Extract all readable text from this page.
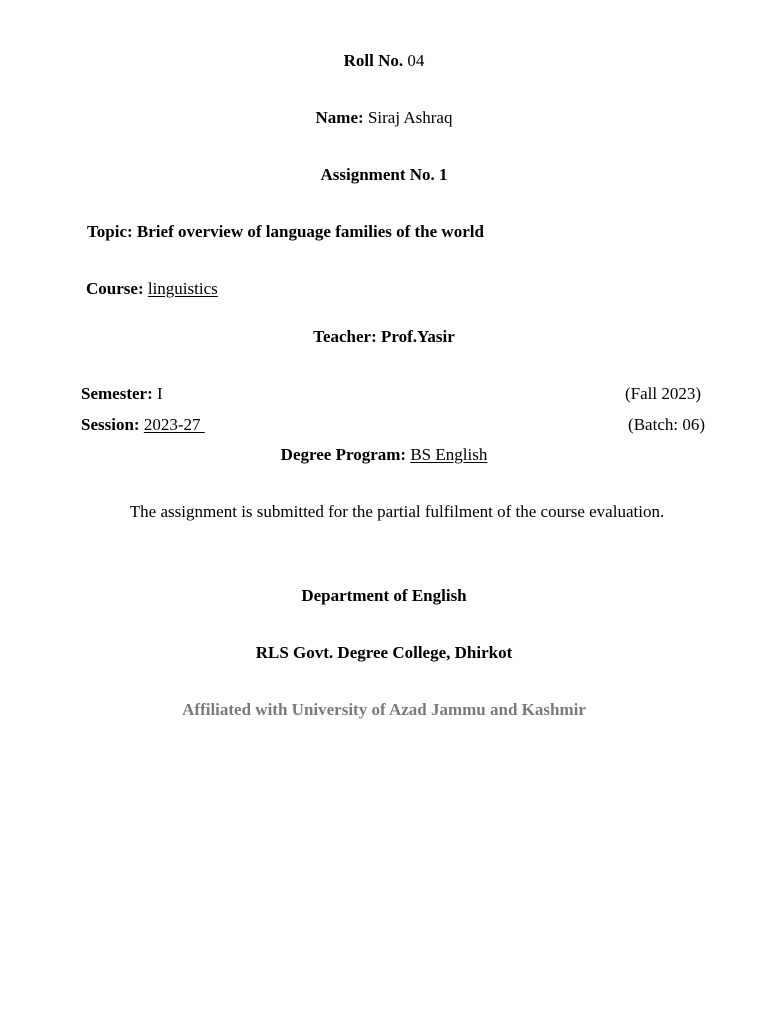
Roll No. 04
Name: Siraj Ashraq
Assignment No. 1
Topic: Brief overview of language families of the world
Course: linguistics
Teacher: Prof.Yasir
Semester: I	(Fall 2023)
Session: 2023-27	(Batch: 06)
Degree Program: BS English
The assignment is submitted for the partial fulfilment of the course evaluation.
Department of English
RLS Govt. Degree College, Dhirkot
Affiliated with University of Azad Jammu and Kashmir
